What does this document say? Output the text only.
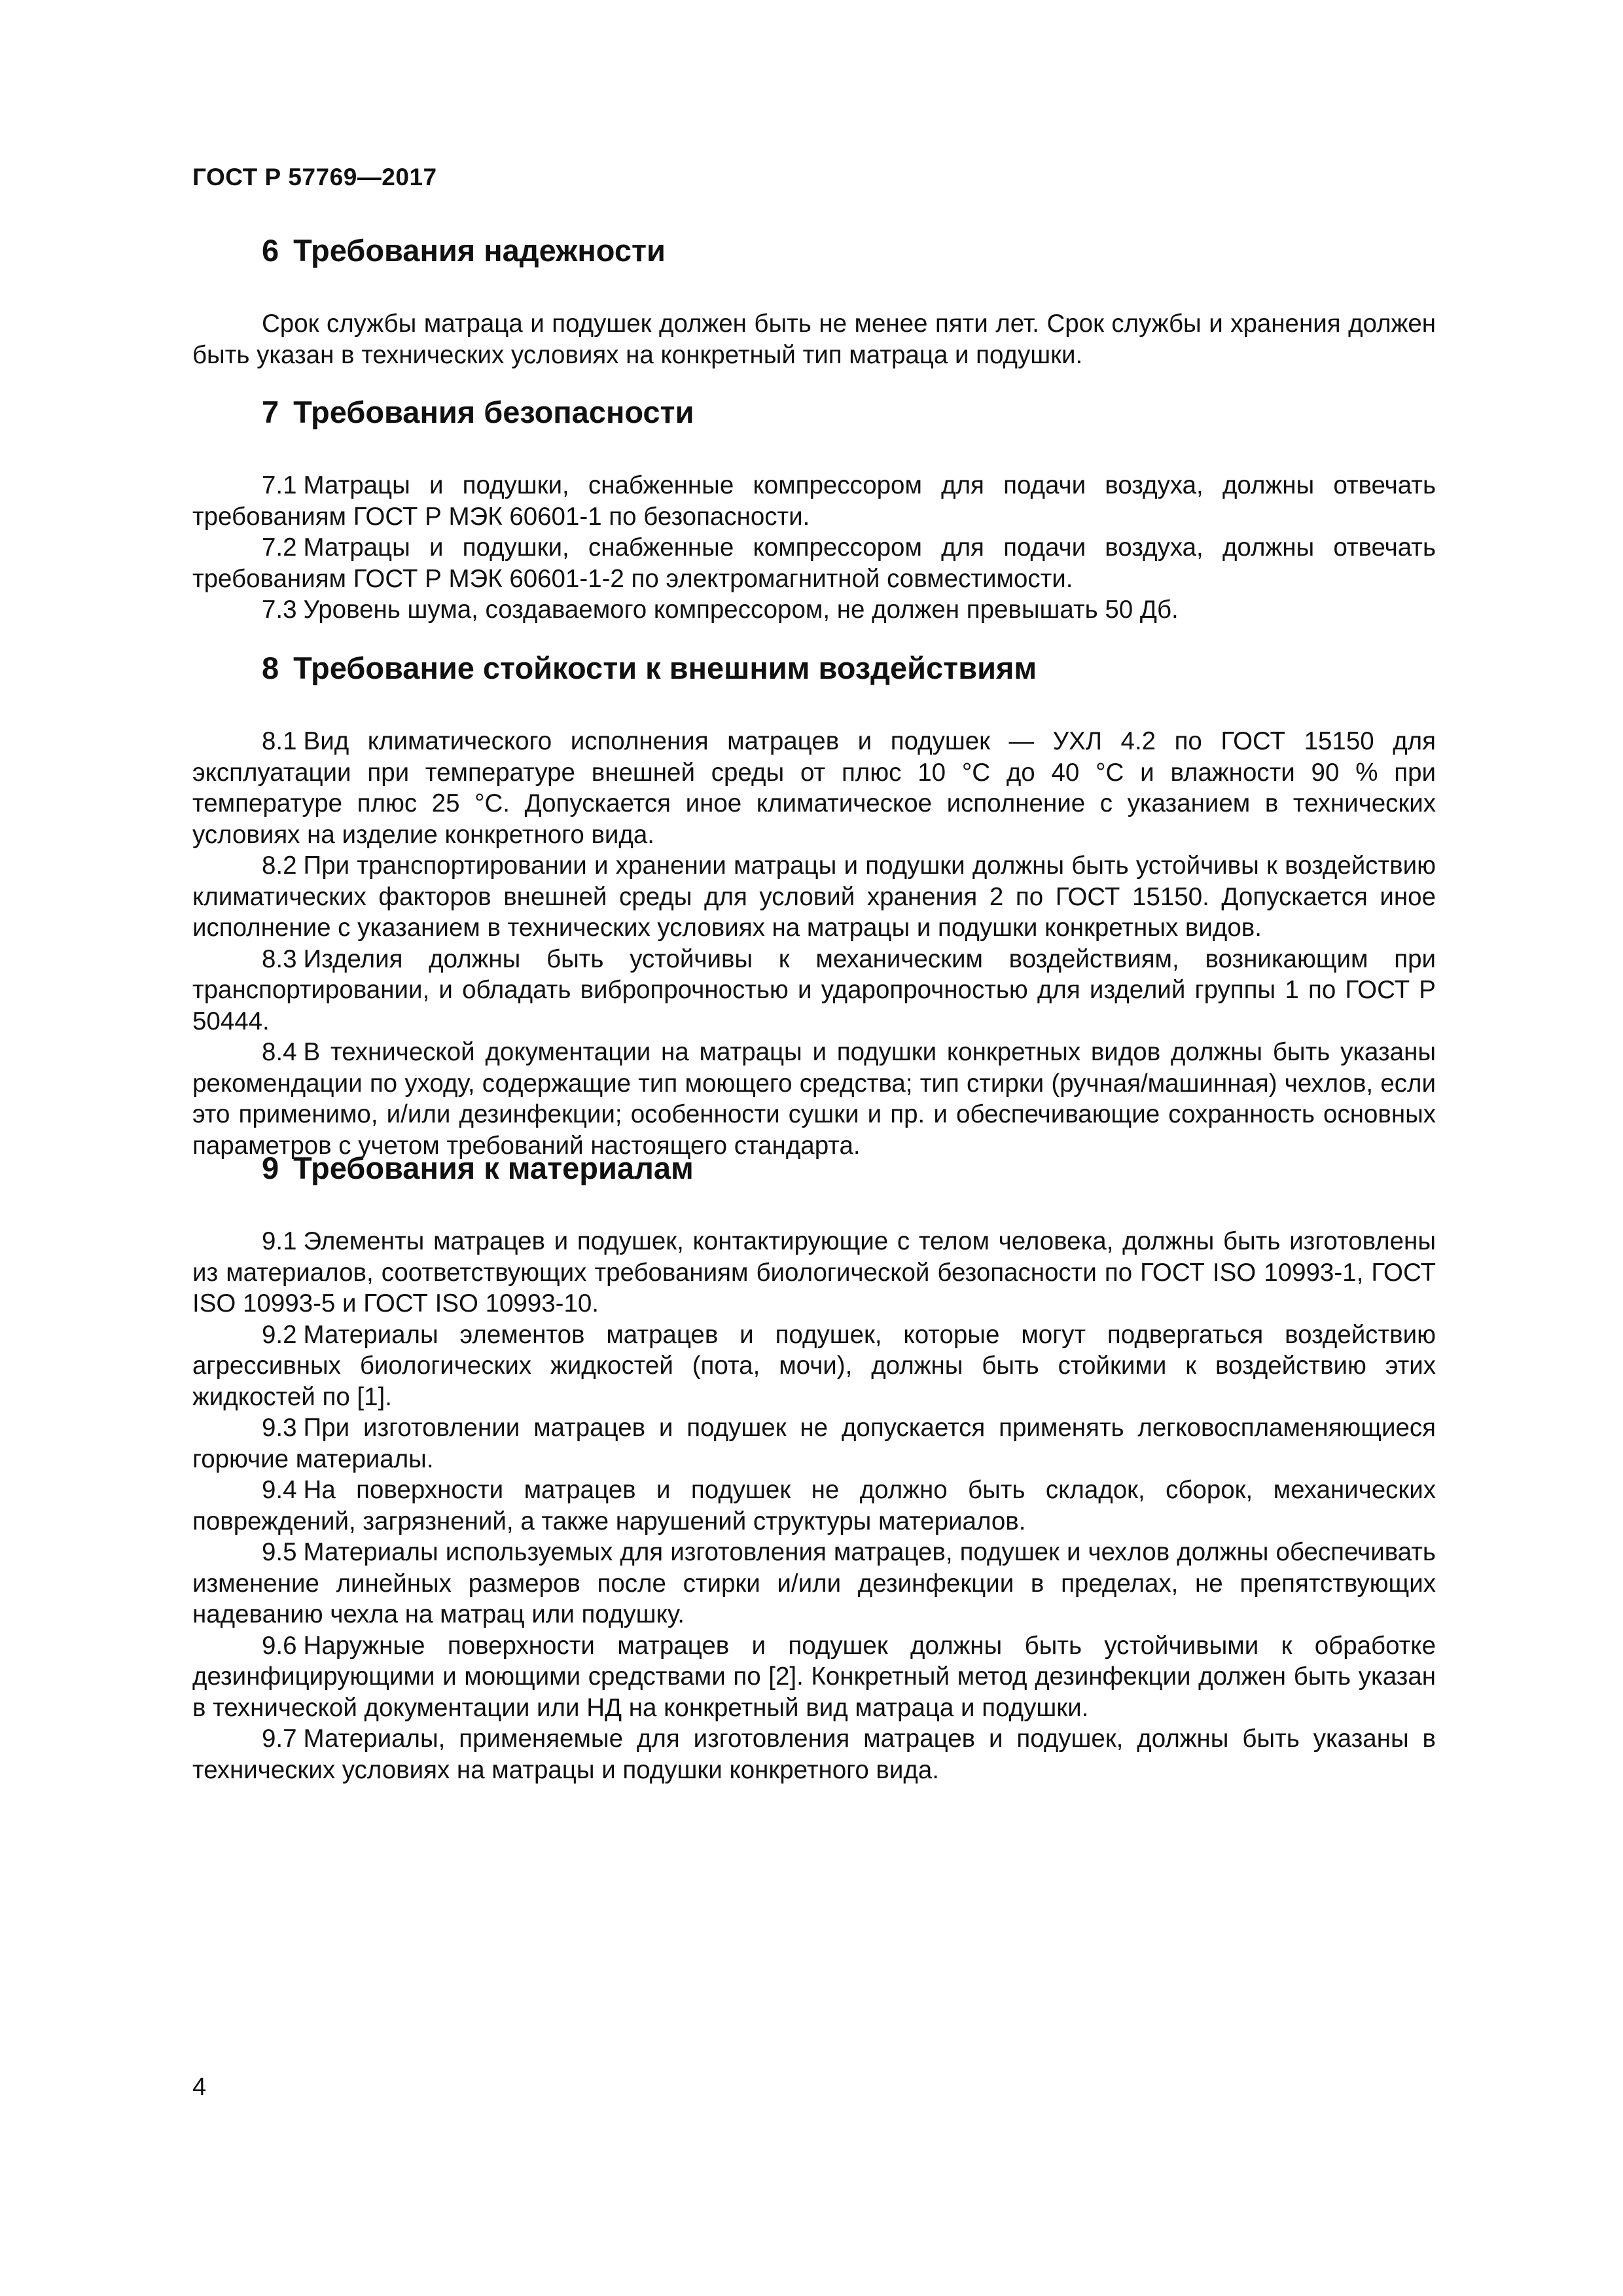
ГОСТ Р 57769—2017

6 Требования надежности

Срок службы матраца и подушек должен быть не менее пяти лет. Срок службы и хранения должен быть указан в технических условиях на конкретный тип матраца и подушки.

7 Требования безопасности

7.1 Матрацы и подушки, снабженные компрессором для подачи воздуха, должны отвечать требованиям ГОСТ Р МЭК 60601-1 по безопасности.

7.2 Матрацы и подушки, снабженные компрессором для подачи воздуха, должны отвечать требованиям ГОСТ Р МЭК 60601-1-2 по электромагнитной совместимости.

7.3 Уровень шума, создаваемого компрессором, не должен превышать 50 Дб.

8 Требование стойкости к внешним воздействиям

8.1 Вид климатического исполнения матрацев и подушек — УХЛ 4.2 по ГОСТ 15150 для эксплуатации при температуре внешней среды от плюс 10 °С до 40 °С и влажности 90 % при температуре плюс 25 °С. Допускается иное климатическое исполнение с указанием в технических условиях на изделие конкретного вида.

8.2 При транспортировании и хранении матрацы и подушки должны быть устойчивы к воздействию климатических факторов внешней среды для условий хранения 2 по ГОСТ 15150. Допускается иное исполнение с указанием в технических условиях на матрацы и подушки конкретных видов.

8.3 Изделия должны быть устойчивы к механическим воздействиям, возникающим при транспортировании, и обладать вибропрочностью и ударопрочностью для изделий группы 1 по ГОСТ Р 50444.

8.4 В технической документации на матрацы и подушки конкретных видов должны быть указаны рекомендации по уходу, содержащие тип моющего средства; тип стирки (ручная/машинная) чехлов, если это применимо, и/или дезинфекции; особенности сушки и пр. и обеспечивающие сохранность основных параметров с учетом требований настоящего стандарта.

9 Требования к материалам

9.1 Элементы матрацев и подушек, контактирующие с телом человека, должны быть изготовлены из материалов, соответствующих требованиям биологической безопасности по ГОСТ ISO 10993-1, ГОСТ ISO 10993-5 и ГОСТ ISO 10993-10.

9.2 Материалы элементов матрацев и подушек, которые могут подвергаться воздействию агрессивных биологических жидкостей (пота, мочи), должны быть стойкими к воздействию этих жидкостей по [1].

9.3 При изготовлении матрацев и подушек не допускается применять легковоспламеняющиеся горючие материалы.

9.4 На поверхности матрацев и подушек не должно быть складок, сборок, механических повреждений, загрязнений, а также нарушений структуры материалов.

9.5 Материалы используемых для изготовления матрацев, подушек и чехлов должны обеспечивать изменение линейных размеров после стирки и/или дезинфекции в пределах, не препятствующих надеванию чехла на матрац или подушку.

9.6 Наружные поверхности матрацев и подушек должны быть устойчивыми к обработке дезинфицирующими и моющими средствами по [2]. Конкретный метод дезинфекции должен быть указан в технической документации или НД на конкретный вид матраца и подушки.

9.7 Материалы, применяемые для изготовления матрацев и подушек, должны быть указаны в технических условиях на матрацы и подушки конкретного вида.

4
